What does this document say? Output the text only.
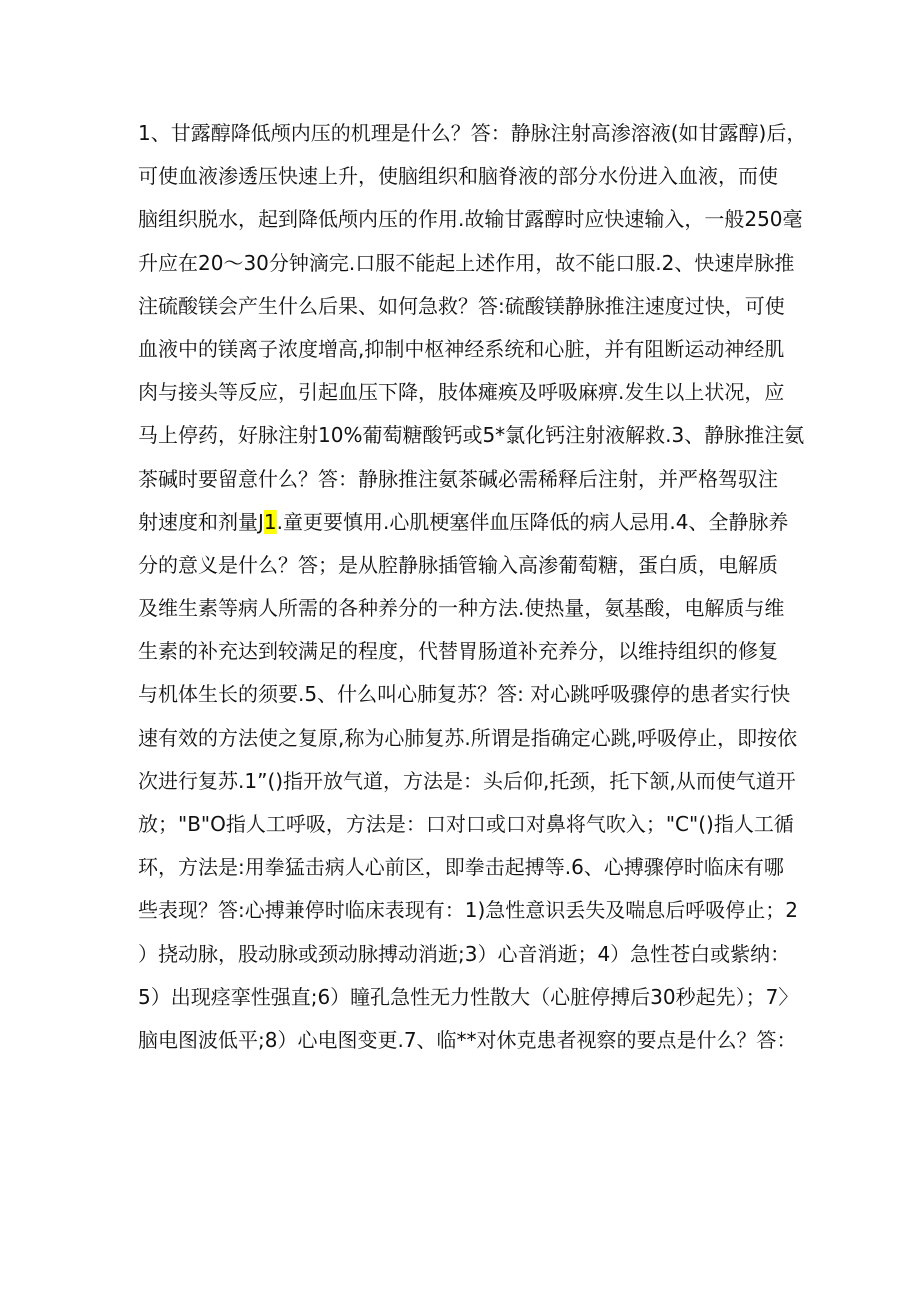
1、甘露醇降低颅内压的机理是什么？答：静脉注射高渗溶液(如甘露醇)后，
可使血液渗透压快速上升，使脑组织和脑脊液的部分水份进入血液，而使
脑组织脱水，起到降低颅内压的作用.故输甘露醇时应快速输入，一般250毫
升应在20～30分钟滴完.口服不能起上述作用，故不能口服.2、快速岸脉推
注硫酸镁会产生什么后果、如何急救？答:硫酸镁静脉推注速度过快，可使
血液中的镁离子浓度增高,抑制中枢神经系统和心脏，并有阻断运动神经肌
肉与接头等反应，引起血压下降，肢体瘫痪及呼吸麻痹.发生以上状况，应
马上停药，好脉注射10%葡萄糖酸钙或5*氯化钙注射液解救.3、静脉推注氨
茶碱时要留意什么？答：静脉推注氨茶碱必需稀释后注射，并严格驾驭注
射速度和剂量J1.童更要慎用.心肌梗塞伴血压降低的病人忌用.4、全静脉养
分的意义是什么？答；是从腔静脉插管输入高渗葡萄糖，蛋白质，电解质
及维生素等病人所需的各种养分的一种方法.使热量，氨基酸，电解质与维
生素的补充达到较满足的程度，代替胃肠道补充养分，以维持组织的修复
与机体生长的须要.5、什么叫心肺复苏？答: 对心跳呼吸骤停的患者实行快
速有效的方法使之复原,称为心肺复苏.所谓是指确定心跳,呼吸停止，即按依
次进行复苏.1”()指开放气道，方法是：头后仰,托颈，托下颔,从而使气道开
放；"B"O指人工呼吸，方法是：口对口或口对鼻将气吹入；"C"()指人工循
环，方法是:用拳猛击病人心前区，即拳击起搏等.6、心搏骤停时临床有哪
些表现？答:心搏兼停时临床表现有：1)急性意识丢失及喘息后呼吸停止；2
）挠动脉，股动脉或颈动脉搏动消逝;3）心音消逝；4）急性苍白或紫纳：
5）出现痉挛性强直;6）瞳孔急性无力性散大（心脏停搏后30秒起先）；7〉
脑电图波低平;8）心电图变更.7、临**对休克患者视察的要点是什么？答：
